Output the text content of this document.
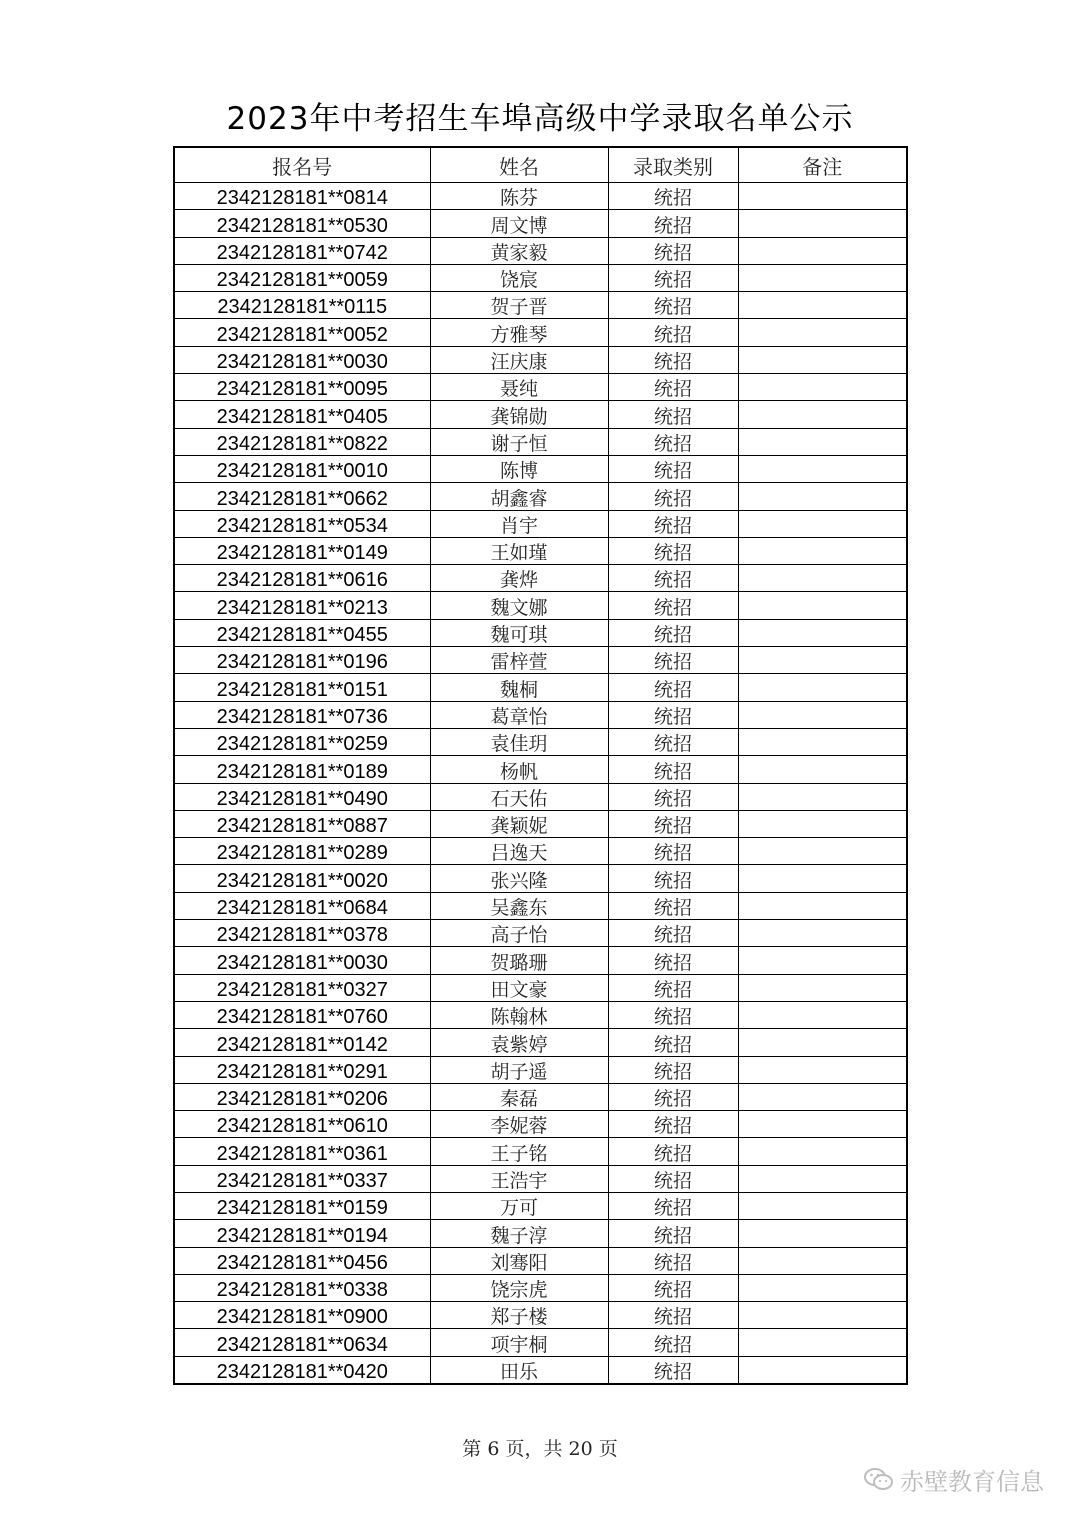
2023年中考招生车埠高级中学录取名单公示
报名号	姓名	录取类别	备注
2342128181**0814	陈芬	统招	
2342128181**0530	周文博	统招	
2342128181**0742	黄家毅	统招	
2342128181**0059	饶宸	统招	
2342128181**0115	贺子晋	统招	
2342128181**0052	方雅琴	统招	
2342128181**0030	汪庆康	统招	
2342128181**0095	聂纯	统招	
2342128181**0405	龚锦勋	统招	
2342128181**0822	谢子恒	统招	
2342128181**0010	陈博	统招	
2342128181**0662	胡鑫睿	统招	
2342128181**0534	肖宇	统招	
2342128181**0149	王如瑾	统招	
2342128181**0616	龚烨	统招	
2342128181**0213	魏文娜	统招	
2342128181**0455	魏可琪	统招	
2342128181**0196	雷梓萱	统招	
2342128181**0151	魏桐	统招	
2342128181**0736	葛章怡	统招	
2342128181**0259	袁佳玥	统招	
2342128181**0189	杨帆	统招	
2342128181**0490	石天佑	统招	
2342128181**0887	龚颖妮	统招	
2342128181**0289	吕逸天	统招	
2342128181**0020	张兴隆	统招	
2342128181**0684	吴鑫东	统招	
2342128181**0378	高子怡	统招	
2342128181**0030	贺璐珊	统招	
2342128181**0327	田文豪	统招	
2342128181**0760	陈翰林	统招	
2342128181**0142	袁紫婷	统招	
2342128181**0291	胡子遥	统招	
2342128181**0206	秦磊	统招	
2342128181**0610	李妮蓉	统招	
2342128181**0361	王子铭	统招	
2342128181**0337	王浩宇	统招	
2342128181**0159	万可	统招	
2342128181**0194	魏子淳	统招	
2342128181**0456	刘骞阳	统招	
2342128181**0338	饶宗虎	统招	
2342128181**0900	郑子楼	统招	
2342128181**0634	项宇桐	统招	
2342128181**0420	田乐	统招	
第 6 页，共 20 页
赤壁教育信息
